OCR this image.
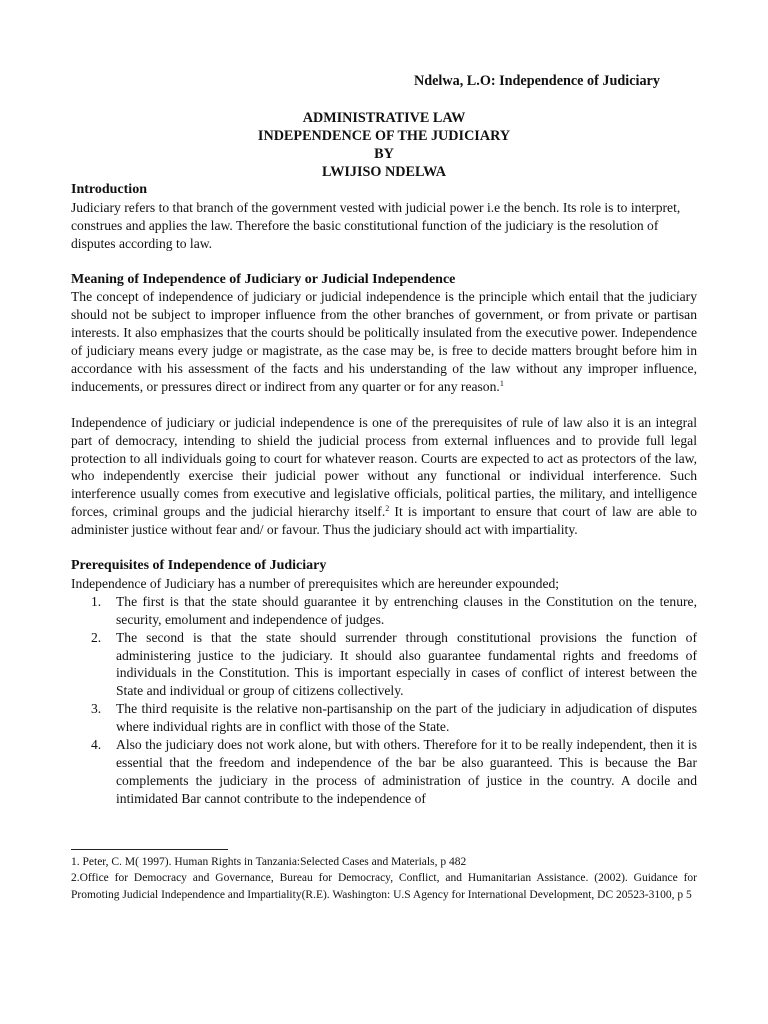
Ndelwa, L.O: Independence of Judiciary
ADMINISTRATIVE LAW
INDEPENDENCE OF THE JUDICIARY
BY
LWIJISO NDELWA
Introduction

Judiciary refers to that branch of the government vested with judicial power i.e the bench. Its role is to interpret, construes and applies the law. Therefore the basic constitutional function of the judiciary is the resolution of disputes according to law.

Meaning of Independence of Judiciary or Judicial Independence

The concept of independence of judiciary or judicial independence is the principle which entail that the judiciary should not be subject to improper influence from the other branches of government, or from private or partisan interests. It also emphasizes that the courts should be politically insulated from the executive power. Independence of judiciary means every judge or magistrate, as the case may be, is free to decide matters brought before him in accordance with his assessment of the facts and his understanding of the law without any improper influence, inducements, or pressures direct or indirect from any quarter or for any reason.$^1$

Independence of judiciary or judicial independence is one of the prerequisites of rule of law also it is an integral part of democracy, intending to shield the judicial process from external influences and to provide full legal protection to all individuals going to court for whatever reason. Courts are expected to act as protectors of the law, who independently exercise their judicial power without any functional or individual interference. Such interference usually comes from executive and legislative officials, political parties, the military, and intelligence forces, criminal groups and the judicial hierarchy itself.$^2$ It is important to ensure that court of law are able to administer justice without fear and/ or favour. Thus the judiciary should act with impartiality.

Prerequisites of Independence of Judiciary

Independence of Judiciary has a number of prerequisites which are hereunder expounded;

1. The first is that the state should guarantee it by entrenching clauses in the Constitution on the tenure, security, emolument and independence of judges.
2. The second is that the state should surrender through constitutional provisions the function of administering justice to the judiciary. It should also guarantee fundamental rights and freedoms of individuals in the Constitution. This is important especially in cases of conflict of interest between the State and individual or group of citizens collectively.
3. The third requisite is the relative non-partisanship on the part of the judiciary in adjudication of disputes where individual rights are in conflict with those of the State.
4. Also the judiciary does not work alone, but with others. Therefore for it to be really independent, then it is essential that the freedom and independence of the bar be also guaranteed. This is because the Bar complements the judiciary in the process of administration of justice in the country. A docile and intimidated Bar cannot contribute to the independence of

1. Peter, C. M( 1997). Human Rights in Tanzania:Selected Cases and Materials, p 482

2.Office for Democracy and Governance, Bureau for Democracy, Conflict, and Humanitarian Assistance. (2002). Guidance for Promoting Judicial Independence and Impartiality(R.E). Washington: U.S Agency for International Development, DC 20523-3100, p 5
